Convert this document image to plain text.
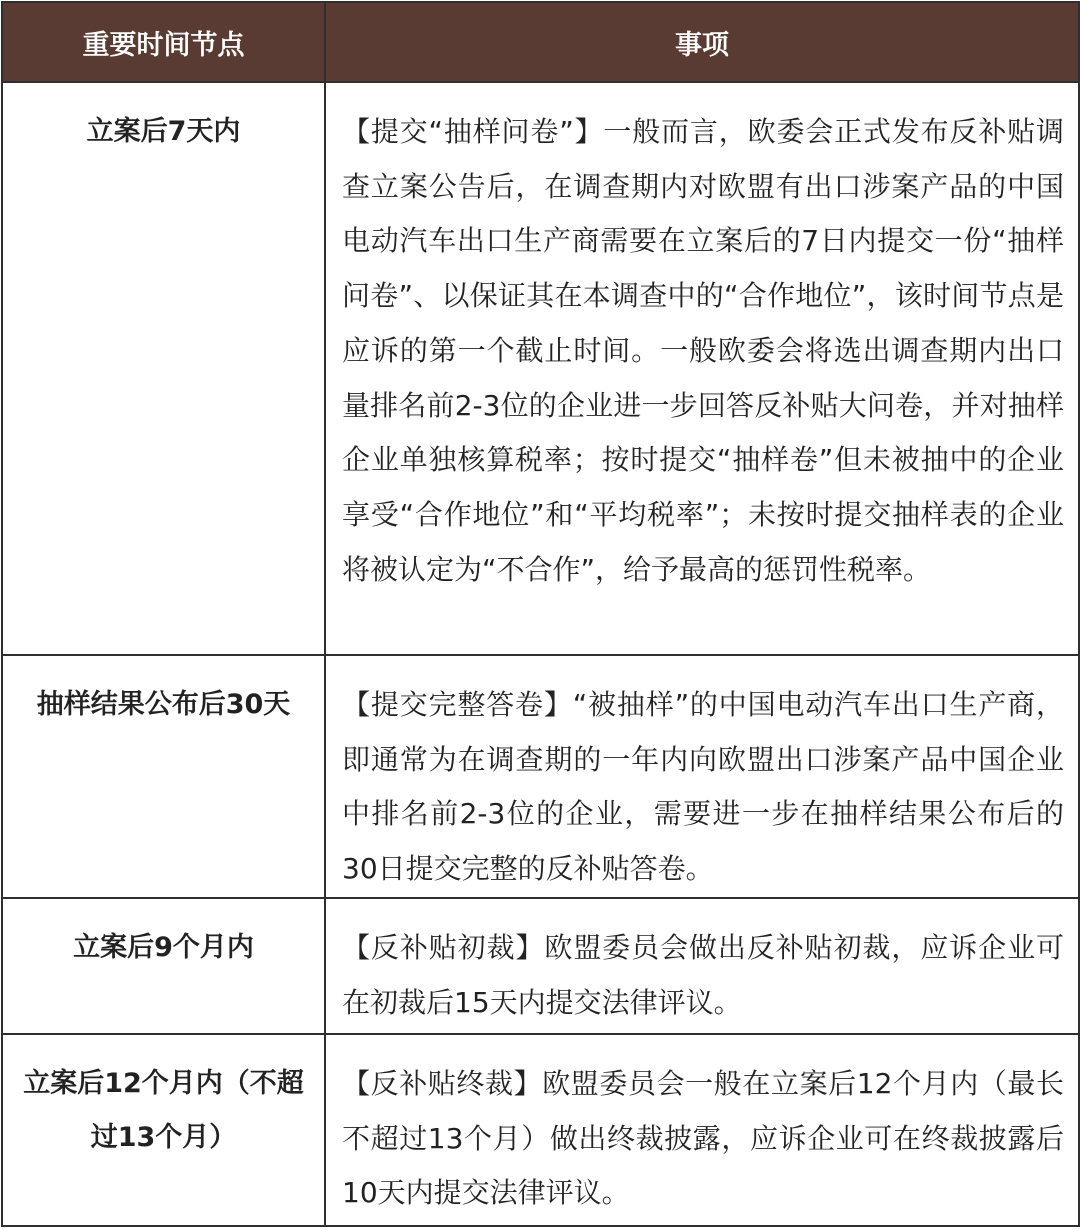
重要时间节点	事项
立案后7天内	【提交“抽样问卷”】一般而言，欧委会正式发布反补贴调查立案公告后，在调查期内对欧盟有出口涉案产品的中国电动汽车出口生产商需要在立案后的7日内提交一份“抽样问卷”、以保证其在本调查中的“合作地位”，该时间节点是应诉的第一个截止时间。一般欧委会将选出调查期内出口量排名前2-3位的企业进一步回答反补贴大问卷，并对抽样企业单独核算税率；按时提交“抽样卷”但未被抽中的企业享受“合作地位”和“平均税率”；未按时提交抽样表的企业将被认定为“不合作”，给予最高的惩罚性税率。
抽样结果公布后30天	【提交完整答卷】“被抽样”的中国电动汽车出口生产商，即通常为在调查期的一年内向欧盟出口涉案产品中国企业中排名前2-3位的企业，需要进一步在抽样结果公布后的30日提交完整的反补贴答卷。
立案后9个月内	【反补贴初裁】欧盟委员会做出反补贴初裁，应诉企业可在初裁后15天内提交法律评议。
立案后12个月内（不超过13个月）	【反补贴终裁】欧盟委员会一般在立案后12个月内（最长不超过13个月）做出终裁披露，应诉企业可在终裁披露后10天内提交法律评议。
